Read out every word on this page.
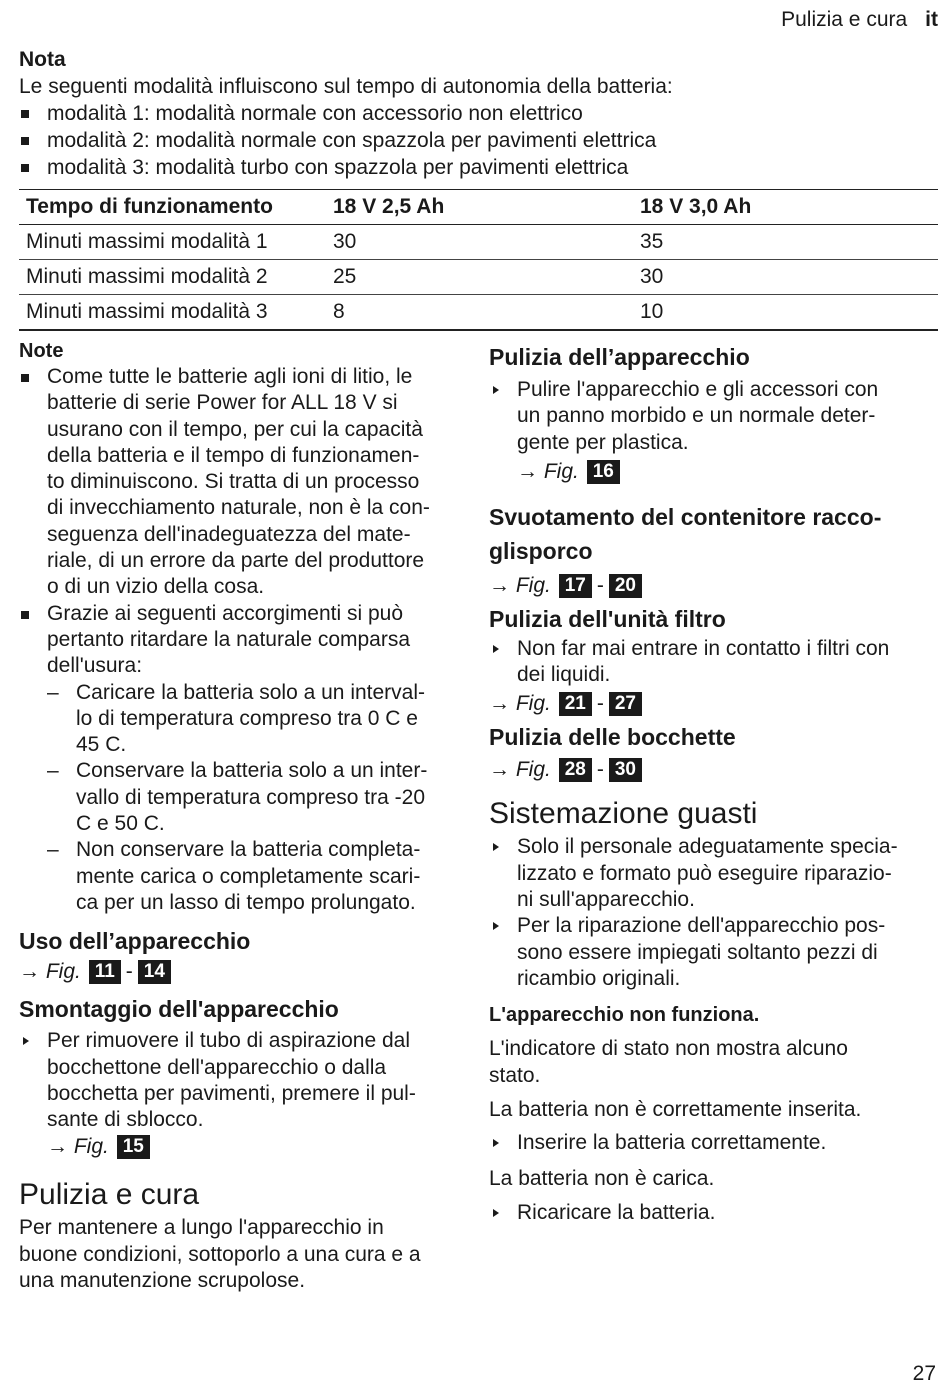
Pulizia e cura it
Nota
Le seguenti modalità influiscono sul tempo di autonomia della batteria:
modalità 1: modalità normale con accessorio non elettrico
modalità 2: modalità normale con spazzola per pavimenti elettrica
modalità 3: modalità turbo con spazzola per pavimenti elettrica
Tempo di funzionamento	18 V 2,5 Ah	18 V 3,0 Ah
Minuti massimi modalità 1	30	35
Minuti massimi modalità 2	25	30
Minuti massimi modalità 3	8	10
Note
Come tutte le batterie agli ioni di litio, le
batterie di serie Power for ALL 18 V si
usurano con il tempo, per cui la capacità
della batteria e il tempo di funzionamen-
to diminuiscono. Si tratta di un processo
di invecchiamento naturale, non è la con-
seguenza dell'inadeguatezza del mate-
riale, di un errore da parte del produttore
o di un vizio della cosa.
Grazie ai seguenti accorgimenti si può
pertanto ritardare la naturale comparsa
dell'usura:
– Caricare la batteria solo a un interval-
lo di temperatura compreso tra 0 C e
45 C.
– Conservare la batteria solo a un inter-
vallo di temperatura compreso tra -20
C e 50 C.
– Non conservare la batteria completa-
mente carica o completamente scari-
ca per un lasso di tempo prolungato.
Uso dell’apparecchio
→ Fig. 11 - 14
Smontaggio dell'apparecchio
Per rimuovere il tubo di aspirazione dal
bocchettone dell'apparecchio o dalla
bocchetta per pavimenti, premere il pul-
sante di sblocco.
→ Fig. 15
Pulizia e cura
Per mantenere a lungo l'apparecchio in
buone condizioni, sottoporlo a una cura e a
una manutenzione scrupolose.
Pulizia dell’apparecchio
Pulire l'apparecchio e gli accessori con
un panno morbido e un normale deter-
gente per plastica.
→ Fig. 16
Svuotamento del contenitore racco-
glisporco
→ Fig. 17 - 20
Pulizia dell'unità filtro
Non far mai entrare in contatto i filtri con
dei liquidi.
→ Fig. 21 - 27
Pulizia delle bocchette
→ Fig. 28 - 30
Sistemazione guasti
Solo il personale adeguatamente specia-
lizzato e formato può eseguire riparazio-
ni sull'apparecchio.
Per la riparazione dell'apparecchio pos-
sono essere impiegati soltanto pezzi di
ricambio originali.
L'apparecchio non funziona.
L'indicatore di stato non mostra alcuno
stato.
La batteria non è correttamente inserita.
Inserire la batteria correttamente.
La batteria non è carica.
Ricaricare la batteria.
27
